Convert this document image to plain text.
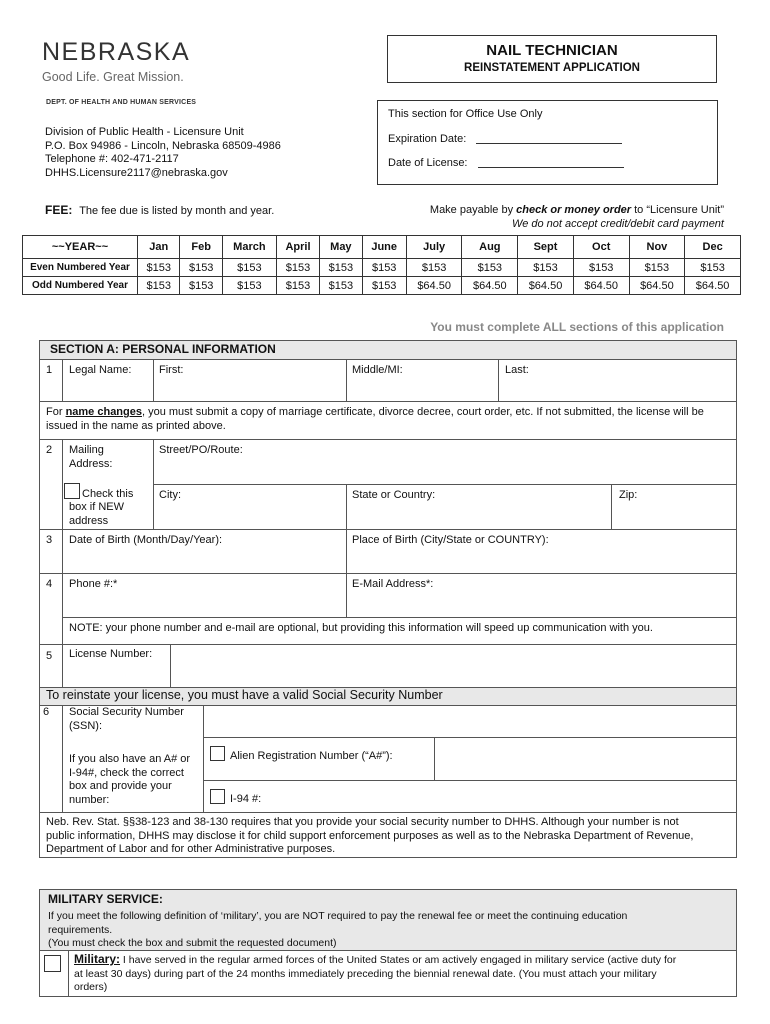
NEBRASKA
Good Life. Great Mission.
DEPT. OF HEALTH AND HUMAN SERVICES
NAIL TECHNICIAN
REINSTATEMENT APPLICATION
This section for Office Use Only
Expiration Date:
Date of License:
Division of Public Health - Licensure Unit
P.O. Box 94986 - Lincoln, Nebraska 68509-4986
Telephone #: 402-471-2117
DHHS.Licensure2117@nebraska.gov
FEE: The fee due is listed by month and year.	Make payable by check or money order to “Licensure Unit”
We do not accept credit/debit card payment
~~YEAR~~	Jan	Feb	March	April	May	June	July	Aug	Sept	Oct	Nov	Dec
Even Numbered Year	$153	$153	$153	$153	$153	$153	$153	$153	$153	$153	$153	$153
Odd Numbered Year	$153	$153	$153	$153	$153	$153	$64.50	$64.50	$64.50	$64.50	$64.50	$64.50
You must complete ALL sections of this application
SECTION A: PERSONAL INFORMATION
1 Legal Name:	First:	Middle/MI:	Last:
For name changes, you must submit a copy of marriage certificate, divorce decree, court order, etc. If not submitted, the license will be
issued in the name as printed above.
2 Mailing
Address:
Street/PO/Route:
Check this
box if NEW
address
City:	State or Country:	Zip:
3 Date of Birth (Month/Day/Year):	Place of Birth (City/State or COUNTRY):
4 Phone #:*	E-Mail Address*:
NOTE: your phone number and e-mail are optional, but providing this information will speed up communication with you.
5 License Number:
To reinstate your license, you must have a valid Social Security Number
6 Social Security Number
(SSN):
If you also have an A# or
I-94#, check the correct
box and provide your
number:
Alien Registration Number (“A#”):
I-94 #:
Neb. Rev. Stat. §§38-123 and 38-130 requires that you provide your social security number to DHHS. Although your number is not
public information, DHHS may disclose it for child support enforcement purposes as well as to the Nebraska Department of Revenue,
Department of Labor and for other Administrative purposes.
MILITARY SERVICE:
If you meet the following definition of ‘military’, you are NOT required to pay the renewal fee or meet the continuing education
requirements.
(You must check the box and submit the requested document)
Military: I have served in the regular armed forces of the United States or am actively engaged in military service (active duty for
at least 30 days) during part of the 24 months immediately preceding the biennial renewal date. (You must attach your military
orders)
